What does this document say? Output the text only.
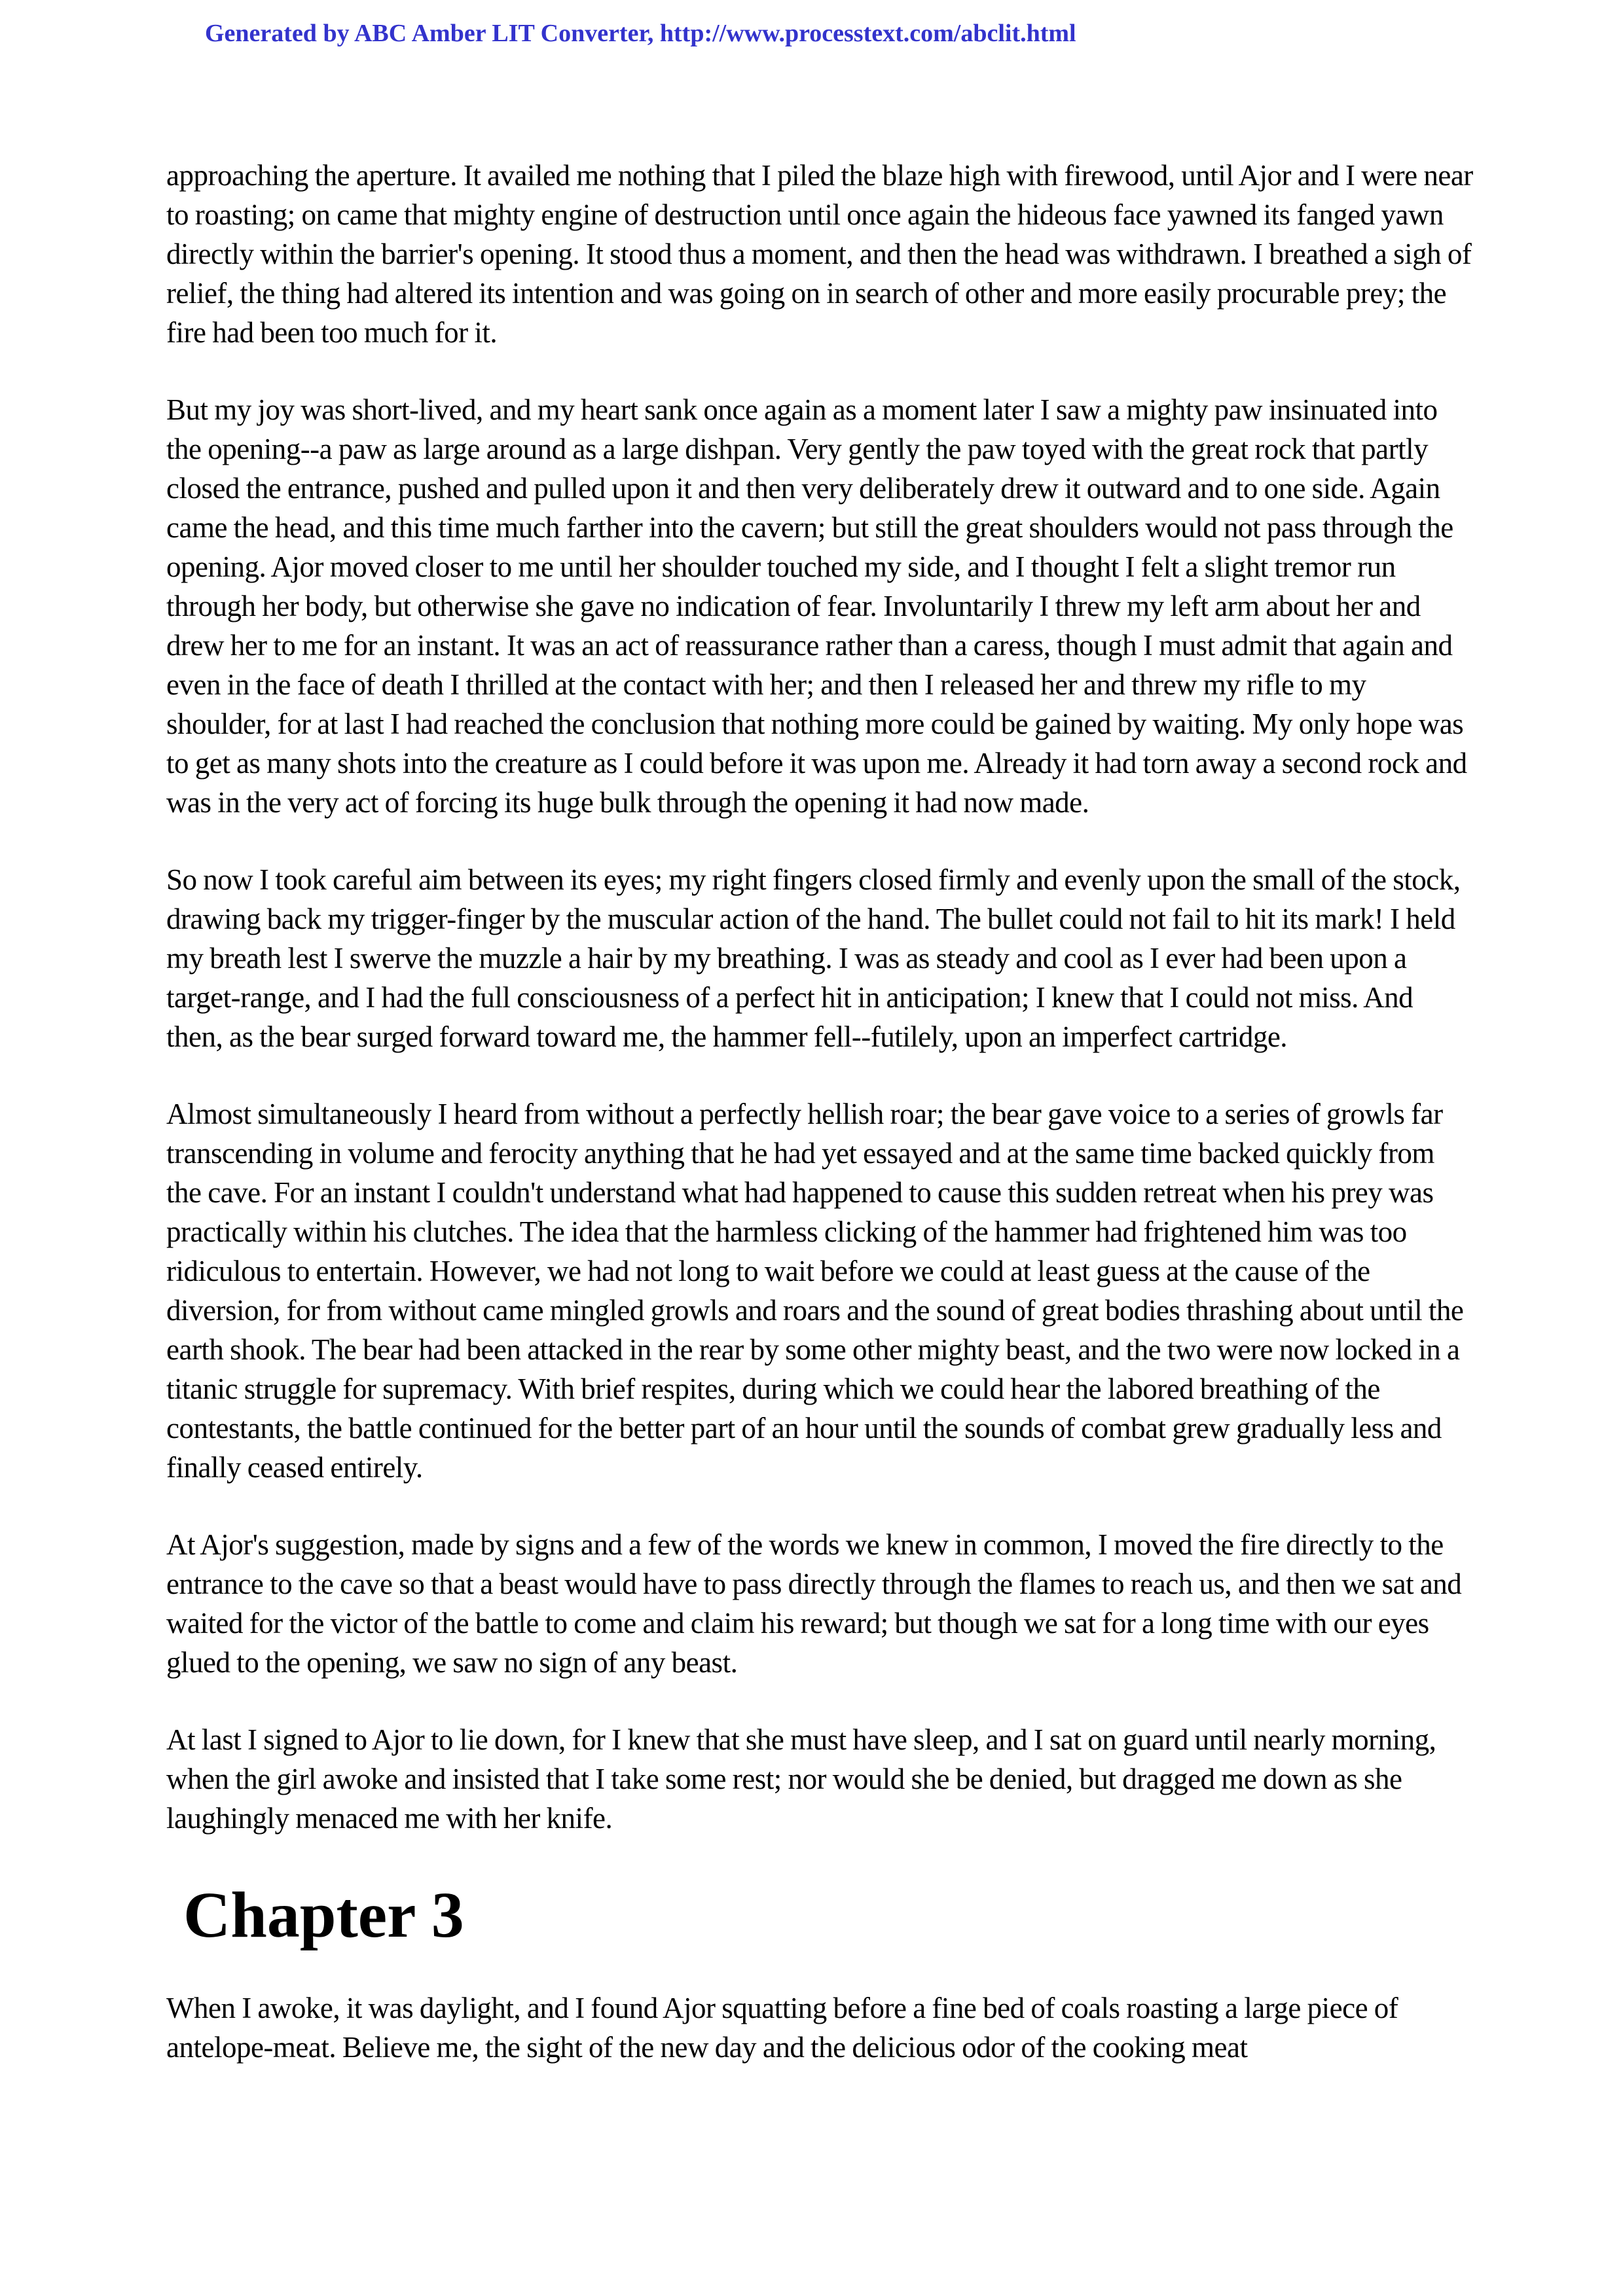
Generated by ABC Amber LIT Converter, http://www.processtext.com/abclit.html

approaching the aperture. It availed me nothing that I piled the blaze high with firewood, until Ajor and I were near to roasting; on came that mighty engine of destruction until once again the hideous face yawned its fanged yawn directly within the barrier's opening. It stood thus a moment, and then the head was withdrawn. I breathed a sigh of relief, the thing had altered its intention and was going on in search of other and more easily procurable prey; the fire had been too much for it.

But my joy was short-lived, and my heart sank once again as a moment later I saw a mighty paw insinuated into the opening--a paw as large around as a large dishpan. Very gently the paw toyed with the great rock that partly closed the entrance, pushed and pulled upon it and then very deliberately drew it outward and to one side. Again came the head, and this time much farther into the cavern; but still the great shoulders would not pass through the opening. Ajor moved closer to me until her shoulder touched my side, and I thought I felt a slight tremor run through her body, but otherwise she gave no indication of fear. Involuntarily I threw my left arm about her and drew her to me for an instant. It was an act of reassurance rather than a caress, though I must admit that again and even in the face of death I thrilled at the contact with her; and then I released her and threw my rifle to my shoulder, for at last I had reached the conclusion that nothing more could be gained by waiting. My only hope was to get as many shots into the creature as I could before it was upon me. Already it had torn away a second rock and was in the very act of forcing its huge bulk through the opening it had now made.

So now I took careful aim between its eyes; my right fingers closed firmly and evenly upon the small of the stock, drawing back my trigger-finger by the muscular action of the hand. The bullet could not fail to hit its mark! I held my breath lest I swerve the muzzle a hair by my breathing. I was as steady and cool as I ever had been upon a target-range, and I had the full consciousness of a perfect hit in anticipation; I knew that I could not miss. And then, as the bear surged forward toward me, the hammer fell--futilely, upon an imperfect cartridge.

Almost simultaneously I heard from without a perfectly hellish roar; the bear gave voice to a series of growls far transcending in volume and ferocity anything that he had yet essayed and at the same time backed quickly from the cave. For an instant I couldn't understand what had happened to cause this sudden retreat when his prey was practically within his clutches. The idea that the harmless clicking of the hammer had frightened him was too ridiculous to entertain. However, we had not long to wait before we could at least guess at the cause of the diversion, for from without came mingled growls and roars and the sound of great bodies thrashing about until the earth shook. The bear had been attacked in the rear by some other mighty beast, and the two were now locked in a titanic struggle for supremacy. With brief respites, during which we could hear the labored breathing of the contestants, the battle continued for the better part of an hour until the sounds of combat grew gradually less and finally ceased entirely.

At Ajor's suggestion, made by signs and a few of the words we knew in common, I moved the fire directly to the entrance to the cave so that a beast would have to pass directly through the flames to reach us, and then we sat and waited for the victor of the battle to come and claim his reward; but though we sat for a long time with our eyes glued to the opening, we saw no sign of any beast.

At last I signed to Ajor to lie down, for I knew that she must have sleep, and I sat on guard until nearly morning, when the girl awoke and insisted that I take some rest; nor would she be denied, but dragged me down as she laughingly menaced me with her knife.

Chapter 3

When I awoke, it was daylight, and I found Ajor squatting before a fine bed of coals roasting a large piece of antelope-meat. Believe me, the sight of the new day and the delicious odor of the cooking meat
